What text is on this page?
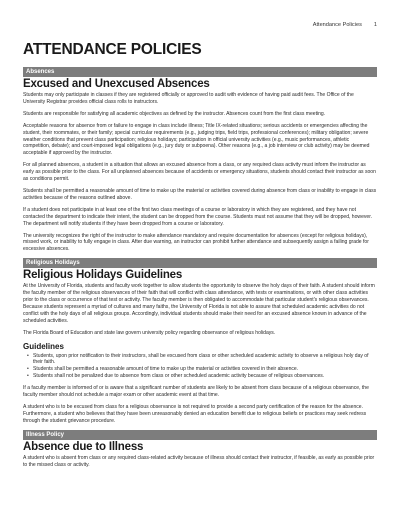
Attendance Policies 1
ATTENDANCE POLICIES
Absences
Excused and Unexcused Absences

Students may only participate in classes if they are registered officially or approved to audit with evidence of having paid audit fees. The Office of the University Registrar provides official class rolls to instructors.

Students are responsible for satisfying all academic objectives as defined by the instructor. Absences count from the first class meeting.

Acceptable reasons for absence from or failure to engage in class include illness; Title IX-related situations; serious accidents or emergencies affecting the student, their roommates, or their family; special curricular requirements (e.g., judging trips, field trips, professional conferences); military obligation; severe weather conditions that prevent class participation; religious holidays; participation in official university activities (e.g., music performances, athletic competition, debate); and court-imposed legal obligations (e.g., jury duty or subpoena). Other reasons (e.g., a job interview or club activity) may be deemed acceptable if approved by the instructor.

For all planned absences, a student in a situation that allows an excused absence from a class, or any required class activity must inform the instructor as early as possible prior to the class. For all unplanned absences because of accidents or emergency situations, students should contact their instructor as soon as conditions permit.

Students shall be permitted a reasonable amount of time to make up the material or activities covered during absence from class or inability to engage in class activities because of the reasons outlined above.

If a student does not participate in at least one of the first two class meetings of a course or laboratory in which they are registered, and they have not contacted the department to indicate their intent, the student can be dropped from the course. Students must not assume that they will be dropped, however. The department will notify students if they have been dropped from a course or laboratory.

The university recognizes the right of the instructor to make attendance mandatory and require documentation for absences (except for religious holidays), missed work, or inability to fully engage in class. After due warning, an instructor can prohibit further attendance and subsequently assign a failing grade for excessive absences.

Religious Holidays
Religious Holidays Guidelines

At the University of Florida, students and faculty work together to allow students the opportunity to observe the holy days of their faith. A student should inform the faculty member of the religious observances of their faith that will conflict with class attendance, with tests or examinations, or with other class activities prior to the class or occurrence of that test or activity. The faculty member is then obligated to accommodate that particular student's religious observances. Because students represent a myriad of cultures and many faiths, the University of Florida is not able to assure that scheduled academic activities do not conflict with the holy days of all religious groups. Accordingly, individual students should make their need for an excused absence known in advance of the scheduled activities.

The Florida Board of Education and state law govern university policy regarding observance of religious holidays.

Guidelines
• Students, upon prior notification to their instructors, shall be excused from class or other scheduled academic activity to observe a religious holy day of their faith.
• Students shall be permitted a reasonable amount of time to make up the material or activities covered in their absence.
• Students shall not be penalized due to absence from class or other scheduled academic activity because of religious observances.

If a faculty member is informed of or is aware that a significant number of students are likely to be absent from class because of a religious observance, the faculty member should not schedule a major exam or other academic event at that time.

A student who is to be excused from class for a religious observance is not required to provide a second party certification of the reason for the absence. Furthermore, a student who believes that they have been unreasonably denied an education benefit due to religious beliefs or practices may seek redress through the student grievance procedure.

Illness Policy
Absence due to Illness

A student who is absent from class or any required class-related activity because of illness should contact their instructor, if feasible, as early as possible prior to the missed class or activity.
